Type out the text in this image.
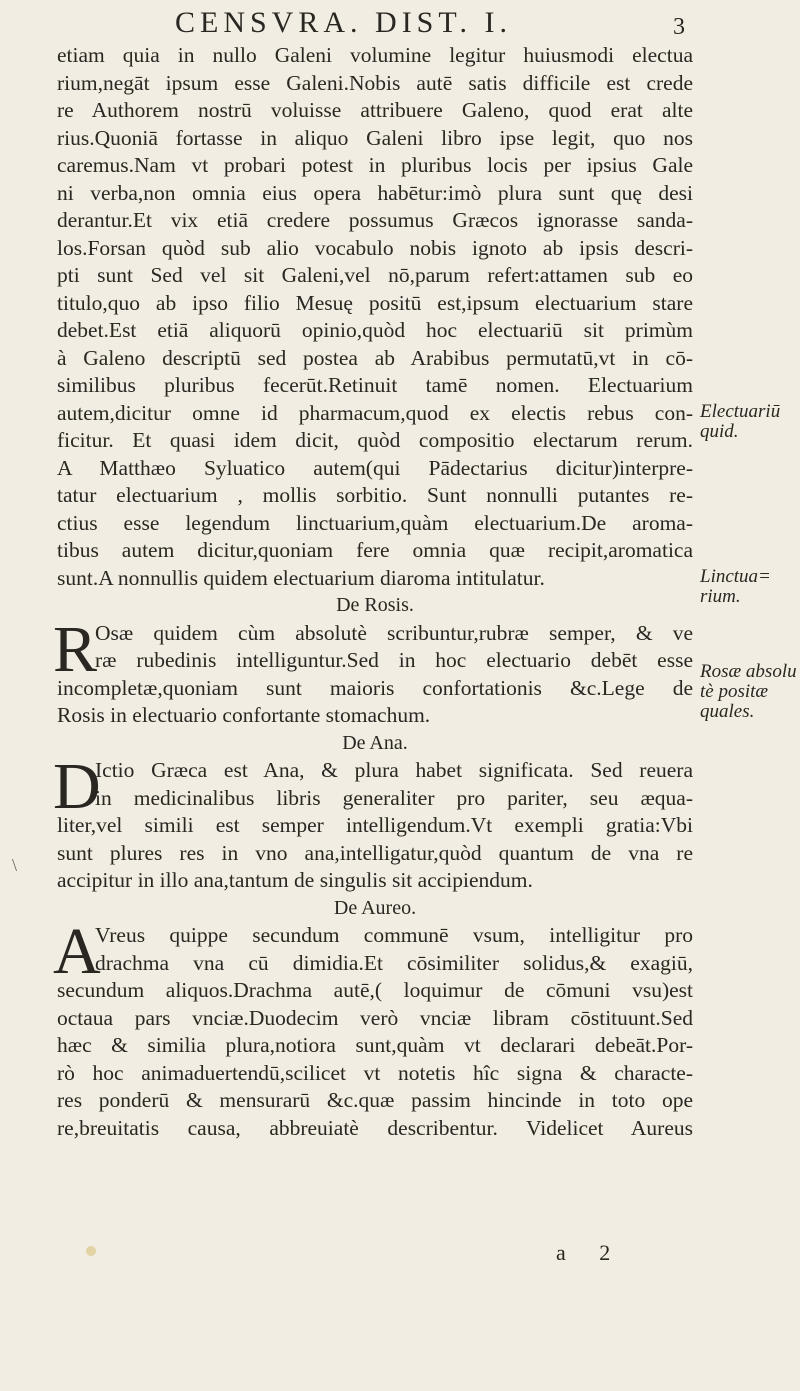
CENSVRA. DIST. I.	3
etiam quia in nullo Galeni volumine legitur huiusmodi electua
rium,negāt ipsum esse Galeni.Nobis autē satis difficile est crede
re Authorem nostrū voluisse attribuere Galeno, quod erat alte
rius.Quoniā fortasse in aliquo Galeni libro ipse legit, quo nos
caremus.Nam vt probari potest in pluribus locis per ipsius Gale
ni verba,non omnia eius opera habētur:imò plura sunt quę desi
derantur.Et vix etiā credere possumus Græcos ignorasse sanda-
los.Forsan quòd sub alio vocabulo nobis ignoto ab ipsis descri-
pti sunt Sed vel sit Galeni,vel nō,parum refert:attamen sub eo
titulo,quo ab ipso filio Mesuę positū est,ipsum electuarium stare
debet.Est etiā aliquorū opinio,quòd hoc electuariū sit primùm
à Galeno descriptū sed postea ab Arabibus permutatū,vt in cō-
similibus pluribus fecerūt.Retinuit tamē nomen. Electuarium
autem,dicitur omne id pharmacum,quod ex electis rebus con-
ficitur. Et quasi idem dicit, quòd compositio electarum rerum.
A Matthæo Syluatico autem(qui Pādectarius dicitur)interpre-
tatur electuarium , mollis sorbitio. Sunt nonnulli putantes re-
ctius esse legendum linctuarium,quàm electuarium.De aroma-
tibus autem dicitur,quoniam fere omnia quæ recipit,aromatica
sunt.A nonnullis quidem electuarium diaroma intitulatur.
De Rosis.
R
Osæ quidem cùm absolutè scribuntur,rubræ semper, & ve
ræ rubedinis intelliguntur.Sed in hoc electuario debēt esse
incompletæ,quoniam sunt maioris confortationis &c.Lege de
Rosis in electuario confortante stomachum.
De Ana.
D
Ictio Græca est Ana, & plura habet significata. Sed reuera
in medicinalibus libris generaliter pro pariter, seu æqua-
liter,vel simili est semper intelligendum.Vt exempli gratia:Vbi
sunt plures res in vno ana,intelligatur,quòd quantum de vna re
accipitur in illo ana,tantum de singulis sit accipiendum.
De Aureo.
A
Vreus quippe secundum communē vsum, intelligitur pro
drachma vna cū dimidia.Et cōsimiliter solidus,& exagiū,
secundum aliquos.Drachma autē,( loquimur de cōmuni vsu)est
octaua pars vnciæ.Duodecim verò vnciæ libram cōstituunt.Sed
hæc & similia plura,notiora sunt,quàm vt declarari debeāt.Por-
rò hoc animaduertendū,scilicet vt notetis hîc signa & characte-
res ponderū & mensurarū &c.quæ passim hincinde in toto ope
re,breuitatis causa, abbreuiatè describentur. Videlicet Aureus
Electuariū
quid.
Linctua=
rium.
Rosæ absolu
tè positæ
quales.
\
a 2
